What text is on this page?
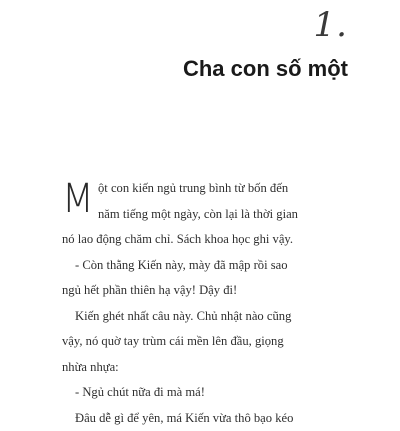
1.
Cha con số một
M ột con kiến ngủ trung bình từ bốn đến
năm tiếng một ngày, còn lại là thời gian
nó lao động chăm chỉ. Sách khoa học ghi vậy.
- Còn thằng Kiến này, mày đã mập rồi sao
ngủ hết phần thiên hạ vậy! Dậy đi!
Kiến ghét nhất câu này. Chủ nhật nào cũng
vậy, nó quờ tay trùm cái mền lên đầu, giọng
nhừa nhựa:
- Ngủ chút nữa đi mà má!
Đâu dễ gì để yên, má Kiến vừa thô bạo kéo
